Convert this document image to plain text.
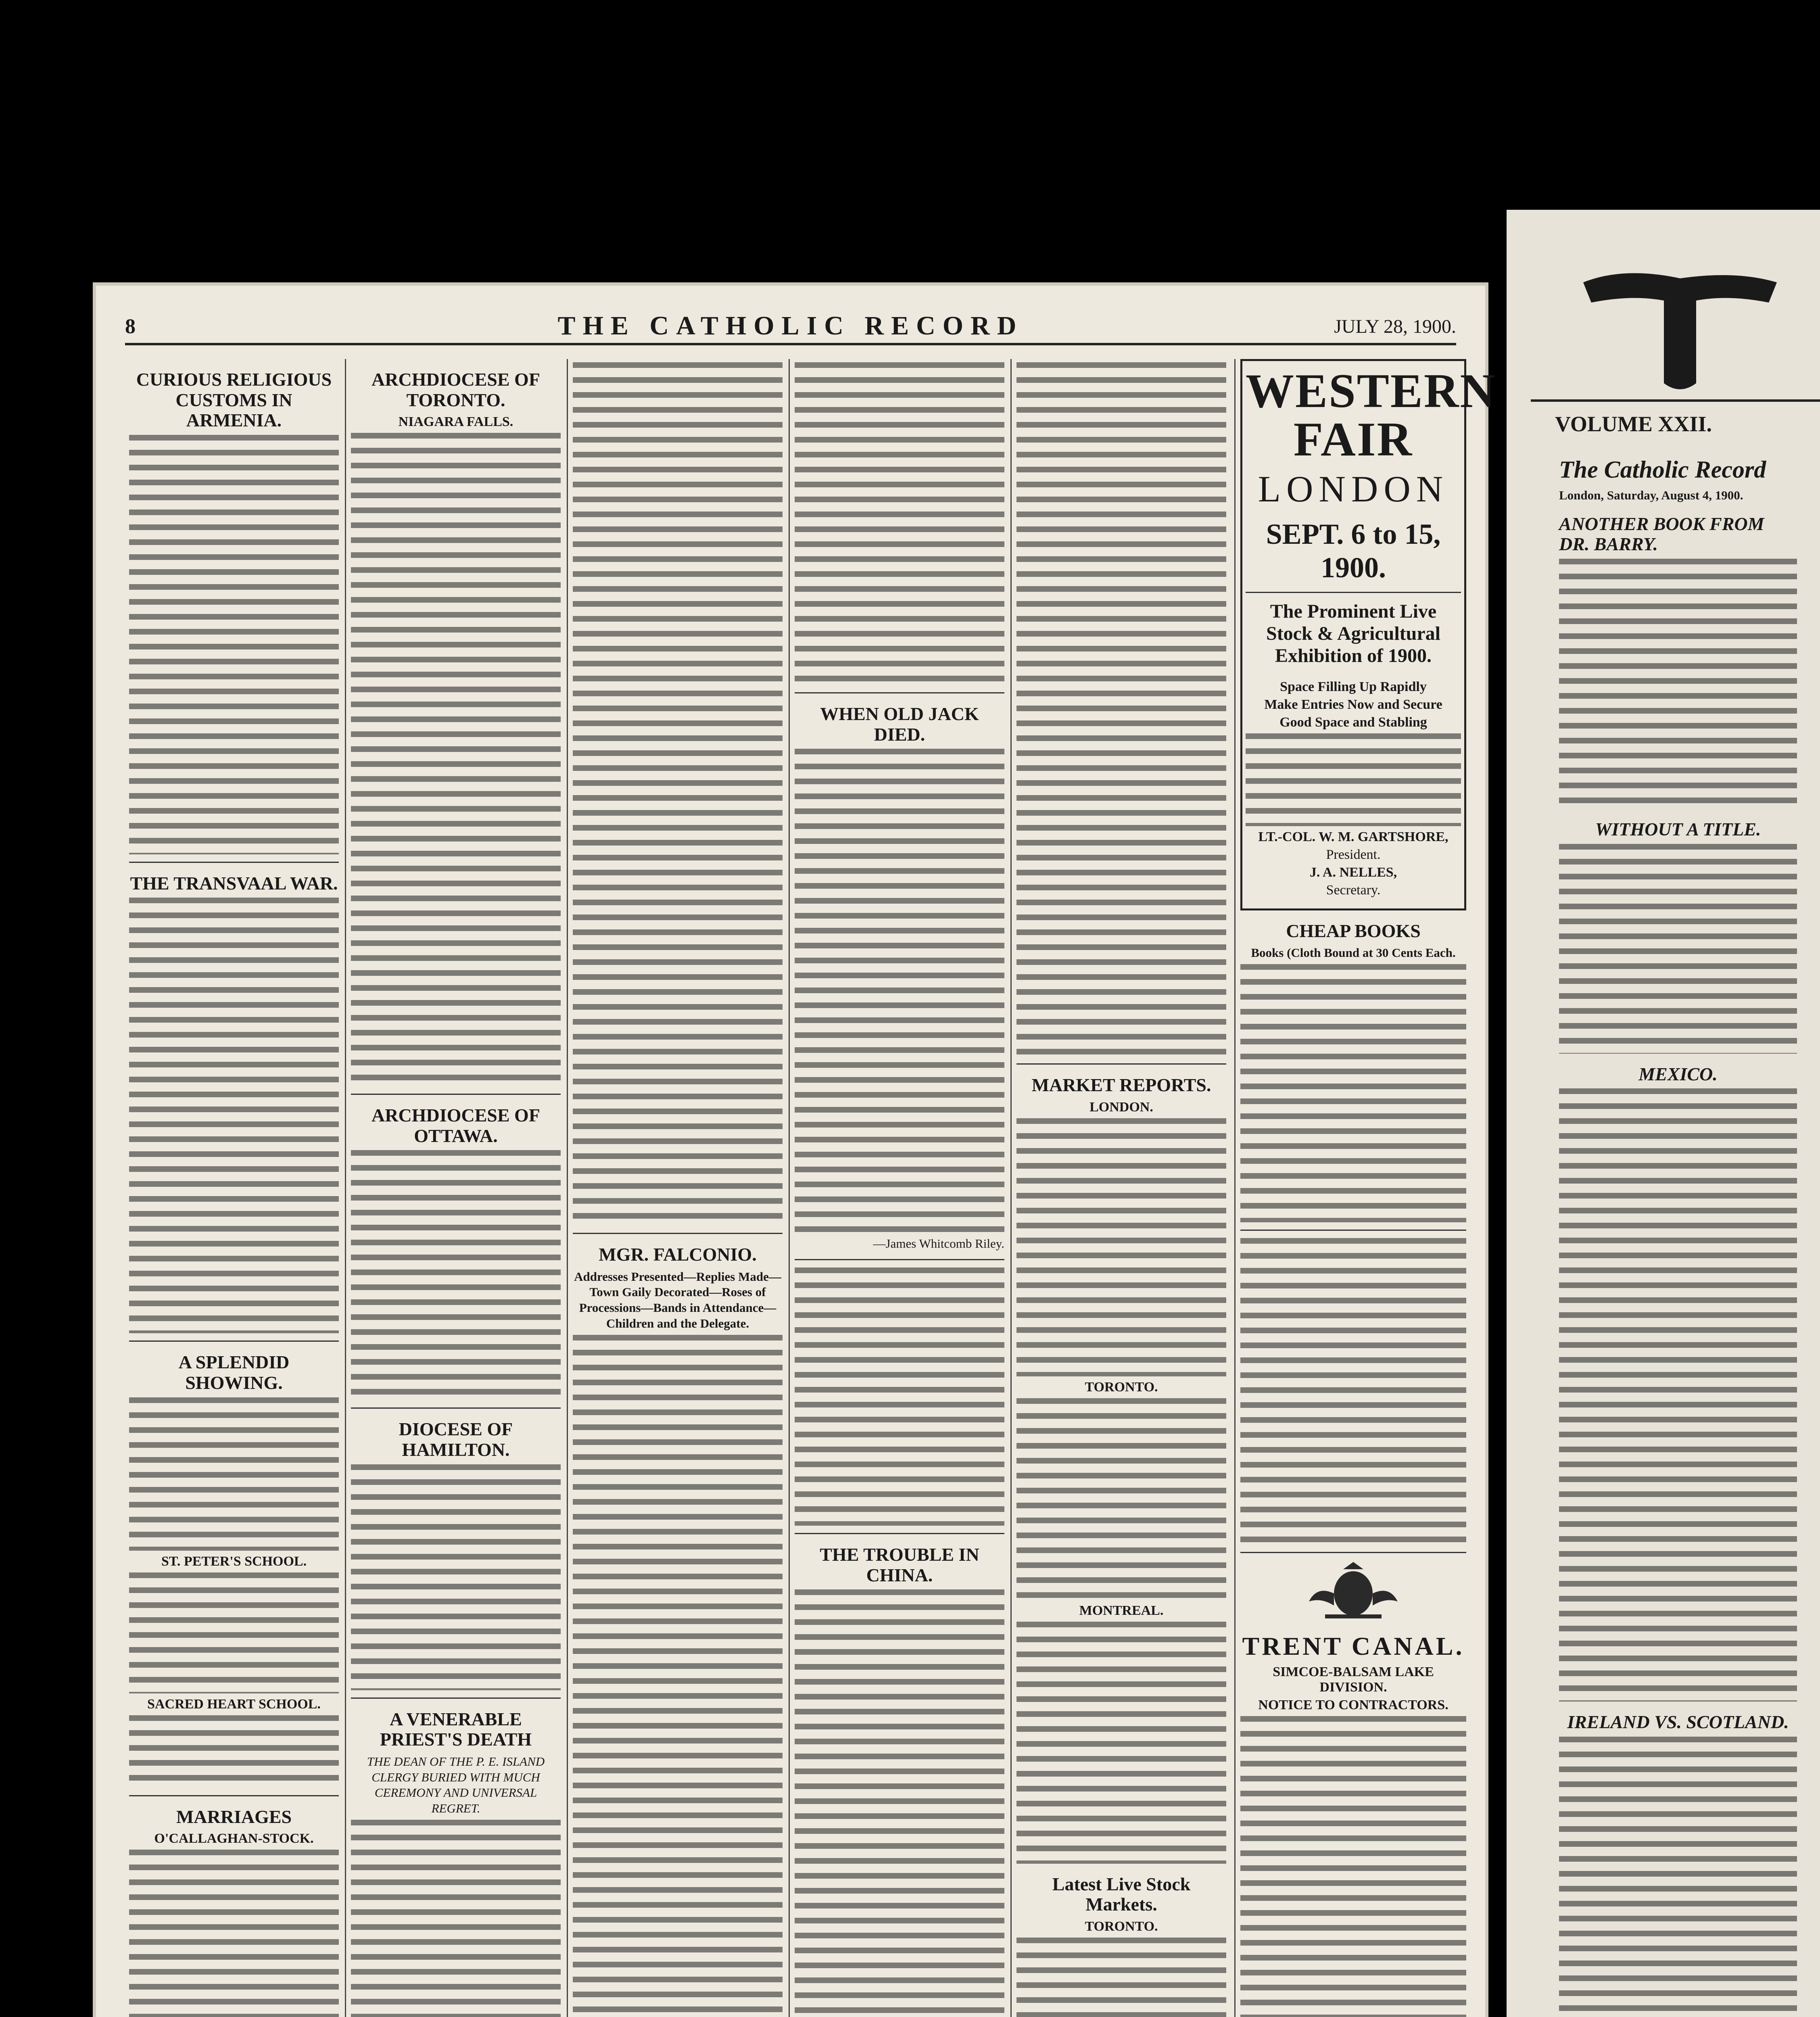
8	THE CATHOLIC RECORD	JULY 28, 1900.
CURIOUS RELIGIOUS CUSTOMS IN ARMENIA.
THE TRANSVAAL WAR.
A SPLENDID SHOWING.
ST. PETER'S SCHOOL.
SACRED HEART SCHOOL.
MARRIAGES
O'CALLAGHAN-STOCK.
ARCHDIOCESE OF TORONTO.
NIAGARA FALLS.
ARCHDIOCESE OF OTTAWA.
DIOCESE OF HAMILTON.
A VENERABLE PRIEST'S DEATH
THE DEAN OF THE P. E. ISLAND CLERGY BURIED WITH MUCH CEREMONY AND UNIVERSAL REGRET.
MGR. FALCONIO.
Addresses Presented—Replies Made—Town Gaily Decorated—Roses of Processions—Bands in Attendance—Children and the Delegate.
WHEN OLD JACK DIED.
—James Whitcomb Riley.
THE TROUBLE IN CHINA.
MARKET REPORTS.
LONDON.
TORONTO.
MONTREAL.
Latest Live Stock Markets.
TORONTO.
WESTERN FAIR
LONDON
SEPT. 6 to 15, 1900.
The Prominent Live Stock & Agricultural Exhibition of 1900.
Space Filling Up Rapidly
Make Entries Now and Secure
Good Space and Stabling
LT.-COL. W. M. GARTSHORE,
President.
J. A. NELLES,
Secretary.
CHEAP BOOKS
Books (Cloth Bound at 30 Cents Each.
TRENT CANAL.
SIMCOE-BALSAM LAKE DIVISION.
NOTICE TO CONTRACTORS.
VOLUME XXII.
The Catholic Record
London, Saturday, August 4, 1900.
ANOTHER BOOK FROM DR. BARRY.
WITHOUT A TITLE.
MEXICO.
IRELAND VS. SCOTLAND.
